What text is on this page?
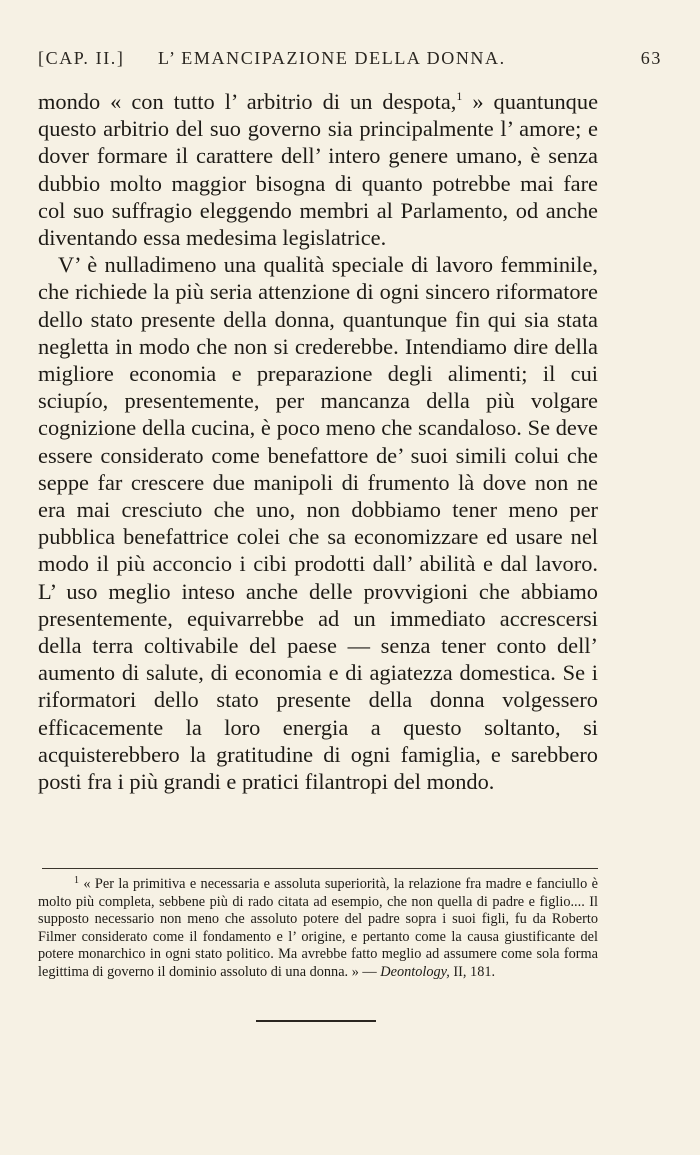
[CAP. II.] L’ EMANCIPAZIONE DELLA DONNA.	63

mondo « con tutto l’ arbitrio di un despota,$^1$ » quantunque questo arbitrio del suo governo sia principalmente l’ amore; e dover formare il carattere dell’ intero genere umano, è senza dubbio molto maggior bisogna di quanto potrebbe mai fare col suo suffragio eleggendo membri al Parlamento, od anche diventando essa medesima legislatrice.

V’ è nulladimeno una qualità speciale di lavoro femminile, che richiede la più seria attenzione di ogni sincero riformatore dello stato presente della donna, quantunque fin qui sia stata negletta in modo che non si crederebbe. Intendiamo dire della migliore economia e preparazione degli alimenti; il cui sciupío, presentemente, per mancanza della più volgare cognizione della cucina, è poco meno che scandaloso. Se deve essere considerato come benefattore de’ suoi simili colui che seppe far crescere due manipoli di frumento là dove non ne era mai cresciuto che uno, non dobbiamo tener meno per pubblica benefattrice colei che sa economizzare ed usare nel modo il più acconcio i cibi prodotti dall’ abilità e dal lavoro. L’ uso meglio inteso anche delle provvigioni che abbiamo presentemente, equivarrebbe ad un immediato accrescersi della terra coltivabile del paese — senza tener conto dell’ aumento di salute, di economia e di agiatezza domestica. Se i riformatori dello stato presente della donna volgessero efficacemente la loro energia a questo soltanto, si acquisterebbero la gratitudine di ogni famiglia, e sarebbero posti fra i più grandi e pratici filantropi del mondo.

$^1$ « Per la primitiva e necessaria e assoluta superiorità, la relazione fra madre e fanciullo è molto più completa, sebbene più di rado citata ad esempio, che non quella di padre e figlio.... Il supposto necessario non meno che assoluto potere del padre sopra i suoi figli, fu da Roberto Filmer considerato come il fondamento e l’ origine, e pertanto come la causa giustificante del potere monarchico in ogni stato politico. Ma avrebbe fatto meglio ad assumere come sola forma legittima di governo il dominio assoluto di una donna. » — Deontology, II, 181.
